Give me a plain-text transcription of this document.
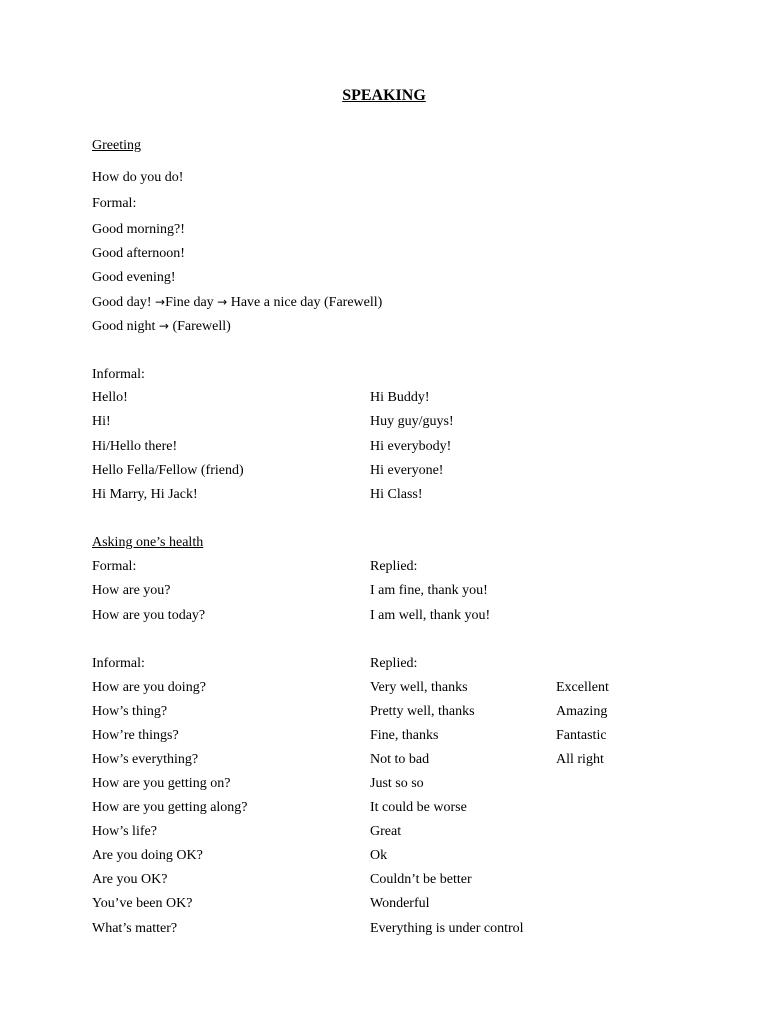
SPEAKING
Greeting
How do you do!
Formal:
Good morning?!
Good afternoon!
Good evening!
Good day! →Fine day → Have a nice day (Farewell)
Good night → (Farewell)
Informal:
Hello!
Hi!
Hi/Hello there!
Hello Fella/Fellow (friend)
Hi Marry, Hi Jack!
Hi Buddy!
Huy guy/guys!
Hi everybody!
Hi everyone!
Hi Class!
Asking one’s health
Formal:	Replied:
How are you?
How are you today?
I am fine, thank you!
I am well, thank you!
Informal:	Replied:
How are you doing?
How’s thing?
How’re things?
How’s everything?
How are you getting on?
How are you getting along?
How’s life?
Are you doing OK?
Are you OK?
You’ve been OK?
What’s matter?
Very well, thanks
Pretty well, thanks
Fine, thanks
Not to bad
Just so so
It could be worse
Great
Ok
Couldn’t be better
Wonderful
Everything is under control
Excellent
Amazing
Fantastic
All right
